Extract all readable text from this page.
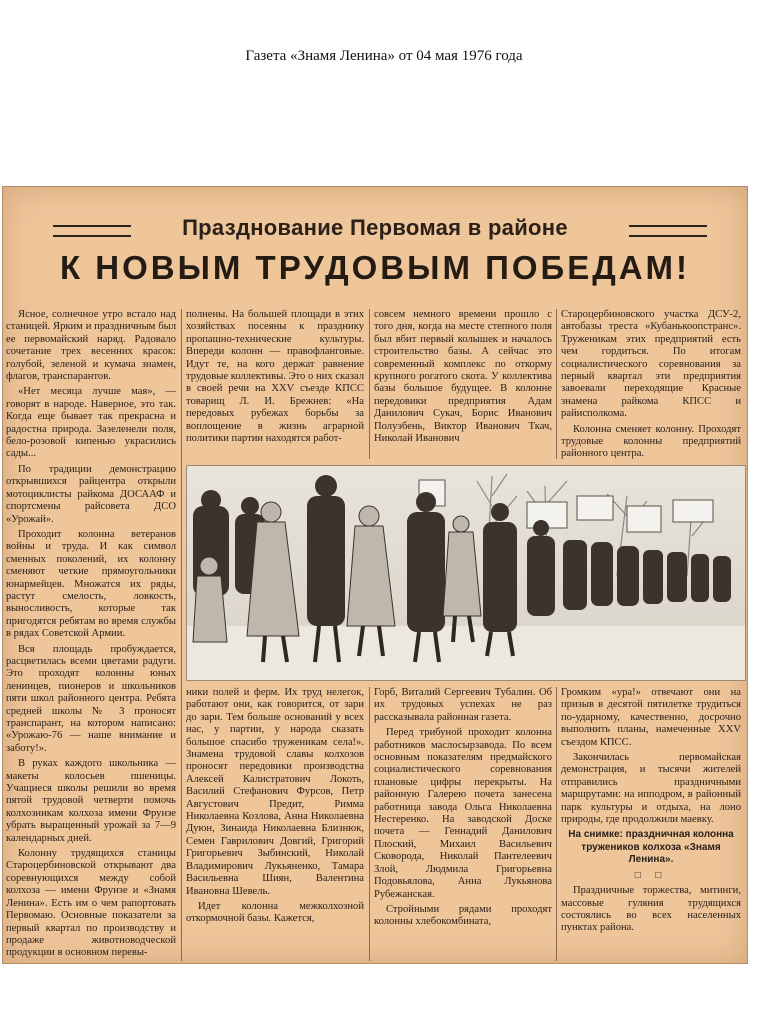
Газета «Знамя Ленина» от 04 мая 1976 года
Празднование Первомая в районе
К НОВЫМ ТРУДОВЫМ ПОБЕДАМ!

Ясное, солнечное утро встало над станицей. Ярким и праздничным был ее первомайский наряд. Радовало сочетание трех весенних красок: голубой, зеленой и кумача знамен, флагов, транспарантов.

«Нет месяца лучше мая», — говорят в народе. Наверное, это так. Когда еще бывает так прекрасна и радостна природа. Зазеленели поля, бело-розовой кипенью украсились сады...

По традиции демонстрацию открывшихся райцентра открыли мотоциклисты райкома ДОСААФ и спортсмены райсовета ДСО «Урожай».

Проходит колонна ветеранов войны и труда. И как символ сменных поколений, их колонну сменяют четкие прямоугольники юнармейцев. Множатся их ряды, растут смелость, ловкость, выносливость, которые так пригодятся ребятам во время службы в рядах Советской Армии.

Вся площадь пробуждается, расцветилась всеми цветами радуги. Это проходят колонны юных ленинцев, пионеров и школьников пяти школ районного центра. Ребята средней школы № 3 проносят транспарант, на котором написано: «Урожаю-76 — наше внимание и заботу!».

В руках каждого школьника — макеты колосьев пшеницы. Учащиеся школы решили во время пятой трудовой четверти помочь колхозникам колхоза имени Фрунзе убрать выращенный урожай за 7—9 календарных дней.

Колонну трудящихся станицы Староцербиновской открывают два соревнующихся между собой колхоза — имени Фрунзе и «Знамя Ленина». Есть им о чем рапортовать Первомаю. Основные показатели за первый квартал по производству и продаже животноводческой продукции в основном перевы-

полнены. На большей площади в этих хозяйствах посеяны к празднику пропашно-технические культуры. Впереди колонн — правофланговые. Идут те, на кого держат равнение трудовые коллективы. Это о них сказал в своей речи на XXV съезде КПСС товарищ Л. И. Брежнев: «На передовых рубежах борьбы за воплощение в жизнь аграрной политики партии находятся работ-

совсем немного времени прошло с того дня, когда на месте степного поля был вбит первый колышек и началось строительство базы. А сейчас это современный комплекс по откорму крупного рогатого скота. У коллектива базы большое будущее. В колонне передовики предприятия Адам Данилович Сукач, Борис Иванович Полуэбень, Виктор Иванович Ткач, Николай Иванович

Староцербиновского участка ДСУ-2, автобазы треста «Кубанькоопстранс». Труженикам этих предприятий есть чем гордиться. По итогам социалистического соревнования за первый квартал эти предприятия завоевали переходящие Красные знамена райкома КПСС и райисполкома.

Колонна сменяет колонну. Проходят трудовые колонны предприятий районного центра.

ники полей и ферм. Их труд нелегок, работают они, как говорится, от зари до зари. Тем больше оснований у всех нас, у партии, у народа сказать большое спасибо труженикам села!». Знамена трудовой славы колхозов проносят передовики производства Алексей Калистратович Локоть, Василий Стефанович Фурсов, Петр Августович Предит, Римма Николаевна Козлова, Анна Николаевна Дуюн, Зинаида Николаевна Близнюк, Семен Гаврилович Довгий, Григорий Григорьевич Зыбинский, Николай Владимирович Лукьяненко, Тамара Васильевна Шиян, Валентина Ивановна Шевель.

Идет колонна межколхозной откормочной базы. Кажется,

Горб, Виталий Сергеевич Тубалин. Об их трудовых успехах не раз рассказывала районная газета.

Перед трибуной проходит колонна работников маслосырзавода. По всем основным показателям предмайского социалистического соревнования плановые цифры перекрыты. На районную Галерею почета занесена работница завода Ольга Николаевна Нестеренко. На заводской Доске почета — Геннадий Данилович Плоский, Михаил Васильевич Сковорода, Николай Пантелеевич Злой, Людмила Григорьевна Подовьялова, Анна Лукьянова Рубежанская.

Стройными рядами проходят колонны хлебокомбината,

Громким «ура!» отвечают они на призыв в десятой пятилетке трудиться по-ударному, качественно, досрочно выполнить планы, намеченные XXV съездом КПСС.

Закончилась первомайская демонстрация, и тысячи жителей отправились праздничными маршрутами: на ипподром, в районный парк культуры и отдыха, на лоно природы, где продолжили маевку.

На снимке: праздничная колонна тружеников колхоза «Знамя Ленина».

□ □

Праздничные торжества, митинги, массовые гуляния трудящихся состоялись во всех населенных пунктах района.
